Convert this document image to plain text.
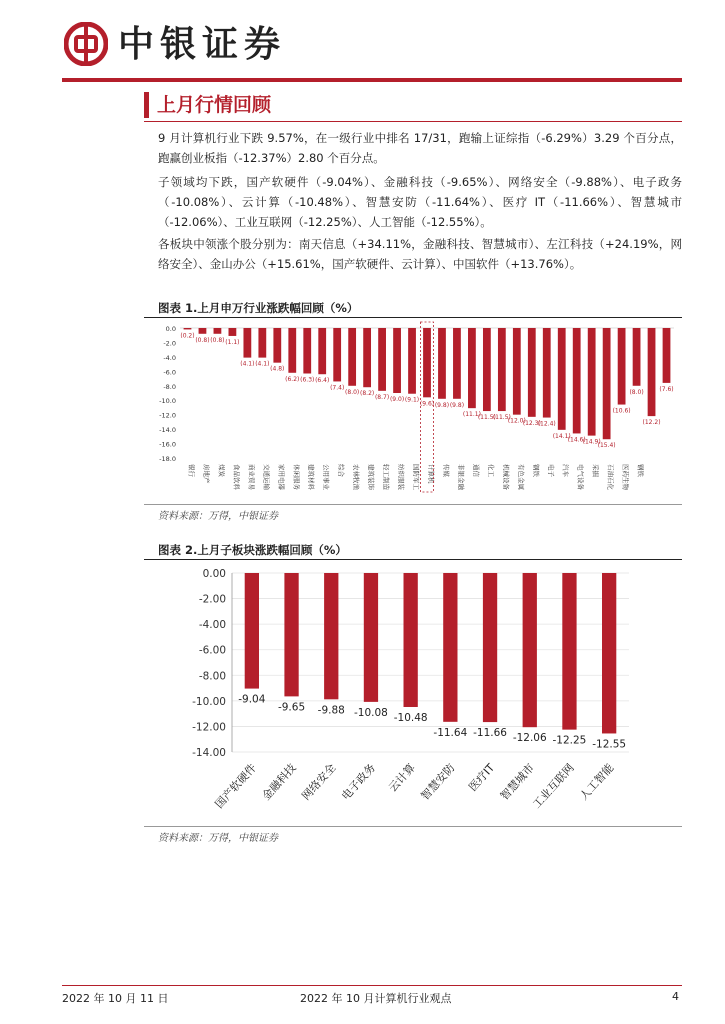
中银证券
上月行情回顾
9 月计算机行业下跌 9.57%，在一级行业中排名 17/31，跑输上证综指（-6.29%）3.29 个百分点，跑赢创业板指（-12.37%）2.80 个百分点。
子领域均下跌，国产软硬件（-9.04%）、金融科技（-9.65%）、网络安全（-9.88%）、电子政务（-10.08%）、云计算（-10.48%）、智慧安防（-11.64%）、医疗 IT（-11.66%）、智慧城市（-12.06%）、工业互联网（-12.25%）、人工智能（-12.55%）。
各板块中领涨个股分别为：南天信息（+34.11%，金融科技、智慧城市）、左江科技（+24.19%，网络安全）、金山办公（+15.61%，国产软硬件、云计算）、中国软件（+13.76%）。
图表 1.上月申万行业涨跌幅回顾（%）
0.0
-2.0
-4.0
-6.0
-8.0
-10.0
-12.0
-14.0
-16.0
-18.0
(0.2)
银行
(0.8)
房地产
(0.8)
煤炭
(1.1)
食品饮料
(4.1)
商业贸易
(4.1)
交通运输
(4.8)
家用电器
(6.2)
休闲服务
(6.3)
建筑材料
(6.4)
公用事业
(7.4)
综合
(8.0)
农林牧渔
(8.2)
建筑装饰
(8.7)
轻工制造
(9.0)
纺织服装
(9.1)
国防军工
(9.6)
计算机
(9.8)
传媒
(9.8)
非银金融
(11.1)
通信
(11.5)
化工
(11.5)
机械设备
(12.0)
有色金属
(12.3)
钢铁
(12.4)
电子
(14.1)
汽车
(14.6)
电气设备
(14.9)
采掘
(15.4)
石油石化
(10.6)
医药生物
(8.0)
钢铁
(12.2)
(7.6)
资料来源：万得，中银证券
图表 2.上月子板块涨跌幅回顾（%）
0.00
-2.00
-4.00
-6.00
-8.00
-10.00
-12.00
-14.00
-9.04
国产软硬件
-9.65
金融科技
-9.88
网络安全
-10.08
电子政务
-10.48
云计算
-11.64
智慧安防
-11.66
医疗IT
-12.06
智慧城市
-12.25
工业互联网
-12.55
人工智能
资料来源：万得，中银证券
2022 年 10 月 11 日	2022 年 10 月计算机行业观点	4
